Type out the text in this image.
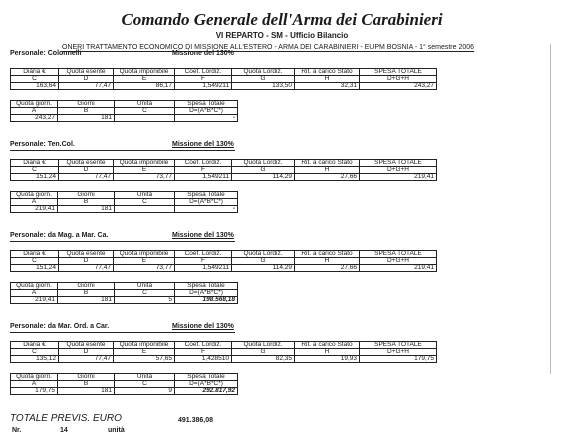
Comando Generale dell'Arma dei Carabinieri
VI REPARTO - SM - Ufficio Bilancio
ONERI TRATTAMENTO ECONOMICO DI MISSIONE ALL'ESTERO - ARMA DEI CARABINIERI - EUPM BOSNIA - 1° semestre 2006
Personale: Colonnelli	Missione del 130%
Diaria €	Quota esente	Quota imponibile	Coef. Lordiz.	Quota Lordiz.	Rit. a carico Stato	SPESA TOTALE
C	D	E	F	G	H	D+G+H
163,64	77,47	86,17	1,549211	133,50	32,31	243,27
Quota giorn.	Giorni	Unità	Spesa Totale
A	B	C	D=(A*B*C*)
243,27	181		-
Personale: Ten.Col.	Missione del 130%
Diaria €	Quota esente	Quota imponibile	Coef. Lordiz.	Quota Lordiz.	Rit. a carico Stato	SPESA TOTALE
C	D	E	F	G	H	D+G+H
151,24	77,47	73,77	1,549211	114,29	27,66	219,41
Quota giorn.	Giorni	Unità	Spesa Totale
A	B	C	D=(A*B*C*)
219,41	181		-
Personale: da Mag. a Mar. Ca.	Missione del 130%
Diaria €	Quota esente	Quota imponibile	Coef. Lordiz.	Quota Lordiz.	Rit. a carico Stato	SPESA TOTALE
C	D	E	F	G	H	D+G+H
151,24	77,47	73,77	1,549211	114,29	27,66	219,41
Quota giorn.	Giorni	Unità	Spesa Totale
A	B	C	D=(A*B*C*)
219,41	181	5	198.568,18
Personale: da Mar. Ord. a Car.	Missione del 130%
Diaria €	Quota esente	Quota imponibile	Coef. Lordiz.	Quota Lordiz.	Rit. a carico Stato	SPESA TOTALE
C	D	E	F	G	H	D+G+H
135,12	77,47	57,65	1,428510	82,35	19,93	179,75
Quota giorn.	Giorni	Unità	Spesa Totale
A	B	C	D=(A*B*C*)
179,75	181	9	292.817,92
TOTALE PREVIS. EURO	491.386,08
Nr.	14	unità
